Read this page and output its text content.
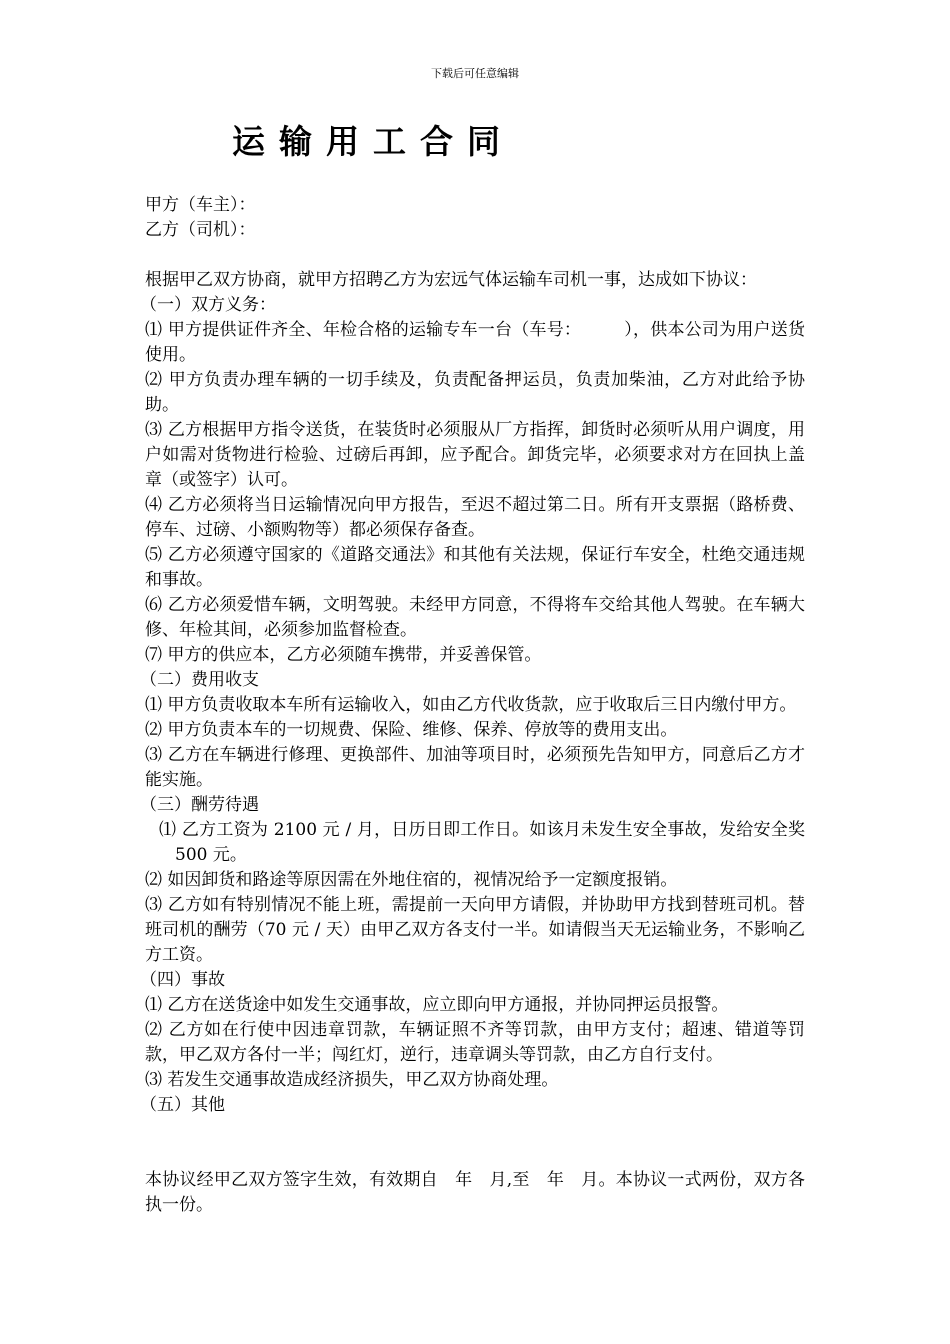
下载后可任意编辑
运输用工合同

甲方（车主）：

乙方（司机）：

根据甲乙双方协商，就甲方招聘乙方为宏远气体运输车司机一事，达成如下协议：

（一）双方义务：

⑴ 甲方提供证件齐全、年检合格的运输专车一台（车号：　　　），供本公司为用户送货使用。

⑵ 甲方负责办理车辆的一切手续及，负责配备押运员，负责加柴油，乙方对此给予协助。

⑶ 乙方根据甲方指令送货，在装货时必须服从厂方指挥，卸货时必须听从用户调度，用户如需对货物进行检验、过磅后再卸，应予配合。卸货完毕，必须要求对方在回执上盖章（或签字）认可。

⑷ 乙方必须将当日运输情况向甲方报告，至迟不超过第二日。所有开支票据（路桥费、停车、过磅、小额购物等）都必须保存备查。

⑸ 乙方必须遵守国家的《道路交通法》和其他有关法规，保证行车安全，杜绝交通违规和事故。

⑹ 乙方必须爱惜车辆，文明驾驶。未经甲方同意，不得将车交给其他人驾驶。在车辆大修、年检其间，必须参加监督检查。

⑺ 甲方的供应本，乙方必须随车携带，并妥善保管。

（二）费用收支

⑴ 甲方负责收取本车所有运输收入，如由乙方代收货款，应于收取后三日内缴付甲方。

⑵ 甲方负责本车的一切规费、保险、维修、保养、停放等的费用支出。

⑶ 乙方在车辆进行修理、更换部件、加油等项目时，必须预先告知甲方，同意后乙方才能实施。

（三）酬劳待遇

⑴ 乙方工资为 2100 元 / 月，日历日即工作日。如该月未发生安全事故，发给安全奖 500 元。

⑵ 如因卸货和路途等原因需在外地住宿的，视情况给予一定额度报销。

⑶ 乙方如有特别情况不能上班，需提前一天向甲方请假，并协助甲方找到替班司机。替班司机的酬劳（70 元 / 天）由甲乙双方各支付一半。如请假当天无运输业务，不影响乙方工资。

（四）事故

⑴ 乙方在送货途中如发生交通事故，应立即向甲方通报，并协同押运员报警。

⑵ 乙方如在行使中因违章罚款，车辆证照不齐等罚款，由甲方支付；超速、错道等罚款，甲乙双方各付一半；闯红灯，逆行，违章调头等罚款，由乙方自行支付。

⑶ 若发生交通事故造成经济损失，甲乙双方协商处理。

（五）其他

本协议经甲乙双方签字生效，有效期自　年　月,至　年　月。本协议一式两份，双方各执一份。
